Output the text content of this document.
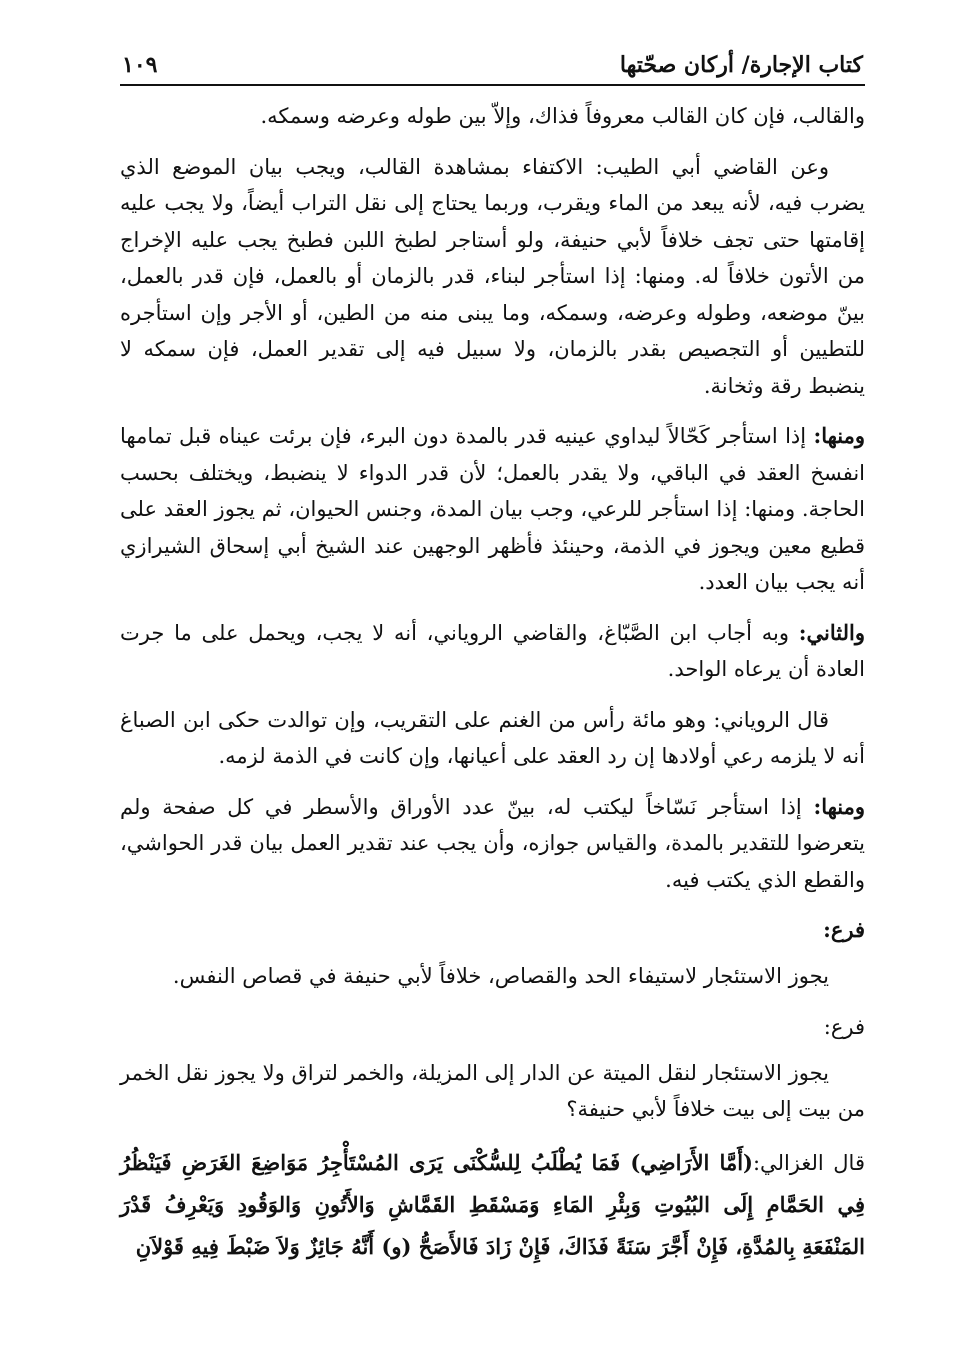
كتاب الإجارة/ أركان صحّتها
١٠٩

والقالب، فإن كان القالب معروفاً فذاك، وإلاّ بين طوله وعرضه وسمكه.

وعن القاضي أبي الطيب: الاكتفاء بمشاهدة القالب، ويجب بيان الموضع الذي يضرب فيه، لأنه يبعد من الماء ويقرب، وربما يحتاج إلى نقل التراب أيضاً، ولا يجب عليه إقامتها حتى تجف خلافاً لأبي حنيفة، ولو أستاجر لطبخ اللبن فطبخ يجب عليه الإخراج من الأتون خلافاً له. ومنها: إذا استأجر لبناء، قدر بالزمان أو بالعمل، فإن قدر بالعمل، بينّ موضعه، وطوله وعرضه، وسمكه، وما يبنى منه من الطين، أو الأجر وإن استأجره للتطيين أو التجصيص بقدر بالزمان، ولا سبيل فيه إلى تقدير العمل، فإن سمكه لا ينضبط رقة وثخانة.

ومنها: إذا استأجر كَحّالاً ليداوي عينيه قدر بالمدة دون البرء، فإن برئت عيناه قبل تمامها انفسخ العقد في الباقي، ولا يقدر بالعمل؛ لأن قدر الدواء لا ينضبط، ويختلف بحسب الحاجة. ومنها: إذا استأجر للرعي، وجب بيان المدة، وجنس الحيوان، ثم يجوز العقد على قطيع معين ويجوز في الذمة، وحينئذ فأظهر الوجهين عند الشيخ أبي إسحاق الشيرازي أنه يجب بيان العدد.

والثاني: وبه أجاب ابن الصَّبّاغ، والقاضي الروياني، أنه لا يجب، ويحمل على ما جرت العادة أن يرعاه الواحد.

قال الروياني: وهو مائة رأس من الغنم على التقريب، وإن توالدت حكى ابن الصباغ أنه لا يلزمه رعي أولادها إن رد العقد على أعيانها، وإن كانت في الذمة لزمه.

ومنها: إذا استأجر نَسّاخاً ليكتب له، بينّ عدد الأوراق والأسطر في كل صفحة ولم يتعرضوا للتقدير بالمدة، والقياس جوازه، وأن يجب عند تقدير العمل بيان قدر الحواشي، والقطع الذي يكتب فيه.

فرع:

يجوز الاستئجار لاستيفاء الحد والقصاص، خلافاً لأبي حنيفة في قصاص النفس.

فرع:

يجوز الاستئجار لنقل الميتة عن الدار إلى المزيلة، والخمر لتراق ولا يجوز نقل الخمر من بيت إلى بيت خلافاً لأبي حنيفة؟

قال الغزالي:(أَمَّا الأَرَاضِي) فَمَا يُطْلَبُ لِلسُّكْنَى يَرَى المُسْتَأْجِرُ مَوَاضِعَ الغَرَضِ فَيَنْظُرُ فِي الحَمَّامِ إِلَى البُيُوتِ وَبِئْرِ المَاءِ وَمَسْقَطِ القَمَّاشِ وَالأَتُونِ وَالوَقُودِ وَيَعْرِفُ قَدْرَ المَنْفَعَةِ بِالمُدَّةِ، فَإِنْ أَجَّرَ سَنَةً فَذَاكَ، فَإِنْ زَادَ فَالأَصَحُّ (و) أَنَّهُ جَائِزٌ وَلاَ ضَبْطَ فِيهِ قَوْلاَنِ
